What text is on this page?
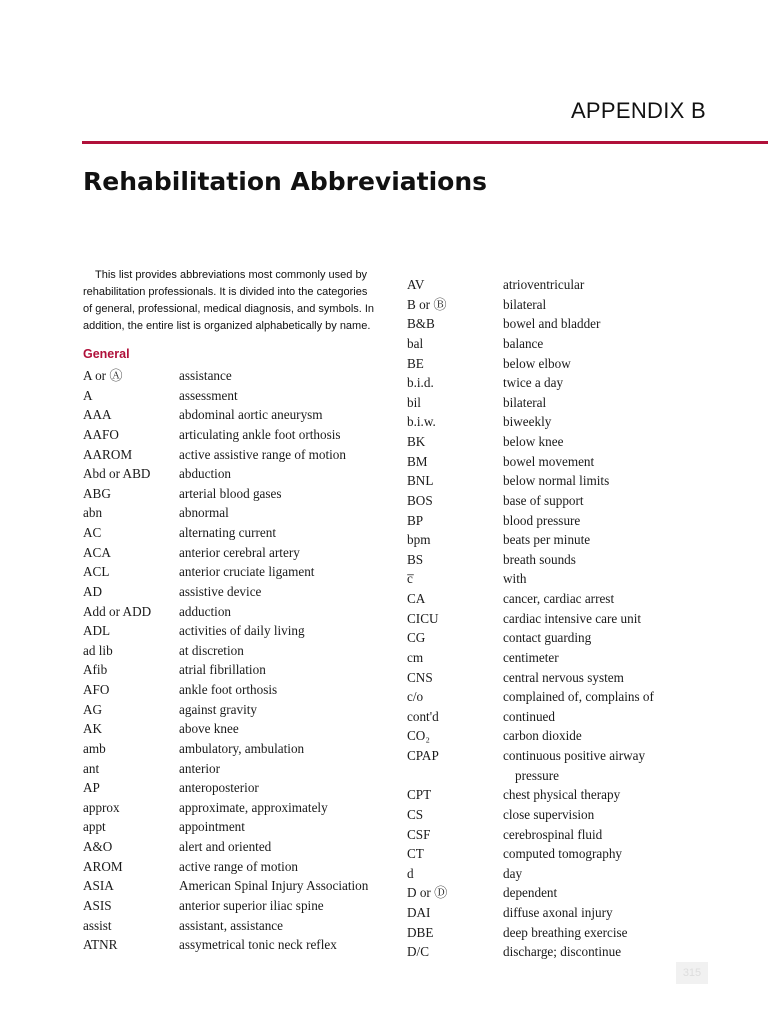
APPENDIX B
Rehabilitation Abbreviations

This list provides abbreviations most commonly used by rehabilitation professionals. It is divided into the categories of general, professional, medical diagnosis, and symbols. In addition, the entire list is organized alphabetically by name.

General
A or Ⓐ	assistance
A	assessment
AAA	abdominal aortic aneurysm
AAFO	articulating ankle foot orthosis
AAROM	active assistive range of motion
Abd or ABD	abduction
ABG	arterial blood gases
abn	abnormal
AC	alternating current
ACA	anterior cerebral artery
ACL	anterior cruciate ligament
AD	assistive device
Add or ADD	adduction
ADL	activities of daily living
ad lib	at discretion
Afib	atrial fibrillation
AFO	ankle foot orthosis
AG	against gravity
AK	above knee
amb	ambulatory, ambulation
ant	anterior
AP	anteroposterior
approx	approximate, approximately
appt	appointment
A&O	alert and oriented
AROM	active range of motion
ASIA	American Spinal Injury Association
ASIS	anterior superior iliac spine
assist	assistant, assistance
ATNR	assymetrical tonic neck reflex
AV	atrioventricular
B or Ⓑ	bilateral
B&B	bowel and bladder
bal	balance
BE	below elbow
b.i.d.	twice a day
bil	bilateral
b.i.w.	biweekly
BK	below knee
BM	bowel movement
BNL	below normal limits
BOS	base of support
BP	blood pressure
bpm	beats per minute
BS	breath sounds
c̅	with
CA	cancer, cardiac arrest
CICU	cardiac intensive care unit
CG	contact guarding
cm	centimeter
CNS	central nervous system
c/o	complained of, complains of
cont'd	continued
CO₂	carbon dioxide
CPAP	continuous positive airway pressure
CPT	chest physical therapy
CS	close supervision
CSF	cerebrospinal fluid
CT	computed tomography
d	day
D or Ⓓ	dependent
DAI	diffuse axonal injury
DBE	deep breathing exercise
D/C	discharge; discontinue
315
